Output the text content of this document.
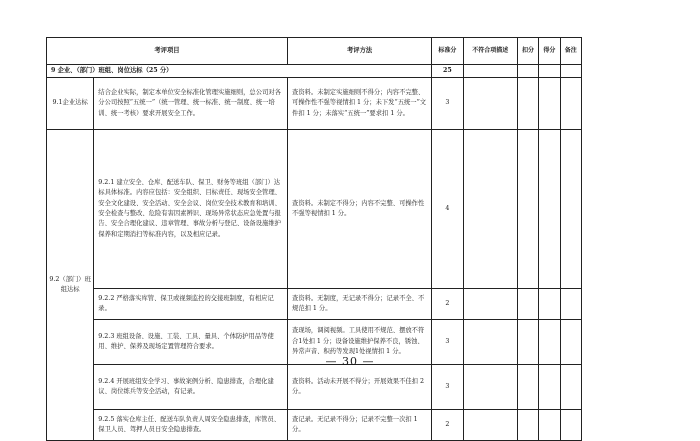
考评项目		考评方法	标准分	不符合项描述	扣分	得分	备注
9 企业、（部门）班组、岗位达标（25 分）			25				
9.1企业达标	结合企业实际，制定本单位安全标准化管理实施细则，总公司对各分公司按照“五统一”（统一管理、统一标准、统一制度、统一培训、统一考核）要求开展安全工作。	查资料。未制定实施细则不得分；内容不完整、可操作性不强等视情扣 1 分；未下发“五统一”文件扣 1 分；未落实“五统一”要求扣 1 分。	3				
9.2（部门）班组达标	9.2.1 建立安全、仓库、配送车队、保卫、财务等班组（部门）达标具体标准。内容应包括：安全组织、目标责任、现场安全管理、安全文化建设、安全活动、安全会议、岗位安全技术教育和培训、安全检查与整改、危险有害因素辨识、现场异常状态应急处置与报告、安全合理化建议、违章管理、事故分析与登记、设备设施维护保养和定期消扫等标准内容，以及相应记录。	查资料。未制定不得分；内容不完整、可操作性不强等视情扣 1 分。	4				
	9.2.2 严格落实库管、保卫或视频监控的交接班制度，有相应记录。	查资料。无制度，无记录不得分；记录不全、不规范扣 1 分。	2				
	9.2.3 班组设备、设施、工装、工具、量具、个体防护用品等使用、维护、保养及现场定置管理符合要求。	查现场，调阅视频。工具使用不规范、摆放不符合1处扣 1 分；设备设施维护保养不良，锈蚀、异常声音、积药等发现1处视情扣 1 分。	3				
	9.2.4 开展班组安全学习、事故案例分析、隐患排查，合理化建议、岗位练兵等安全活动，有记录。	查资料。活动未开展不得分；开展效果不佳扣 2 分。	3				
	9.2.5 落实仓库主任、配送车队负责人周安全隐患排查，库管员、保卫人员、驾押人员日安全隐患排查。	查记录。无记录不得分；记录不完整一次扣 1 分。	2				
— 30 —
